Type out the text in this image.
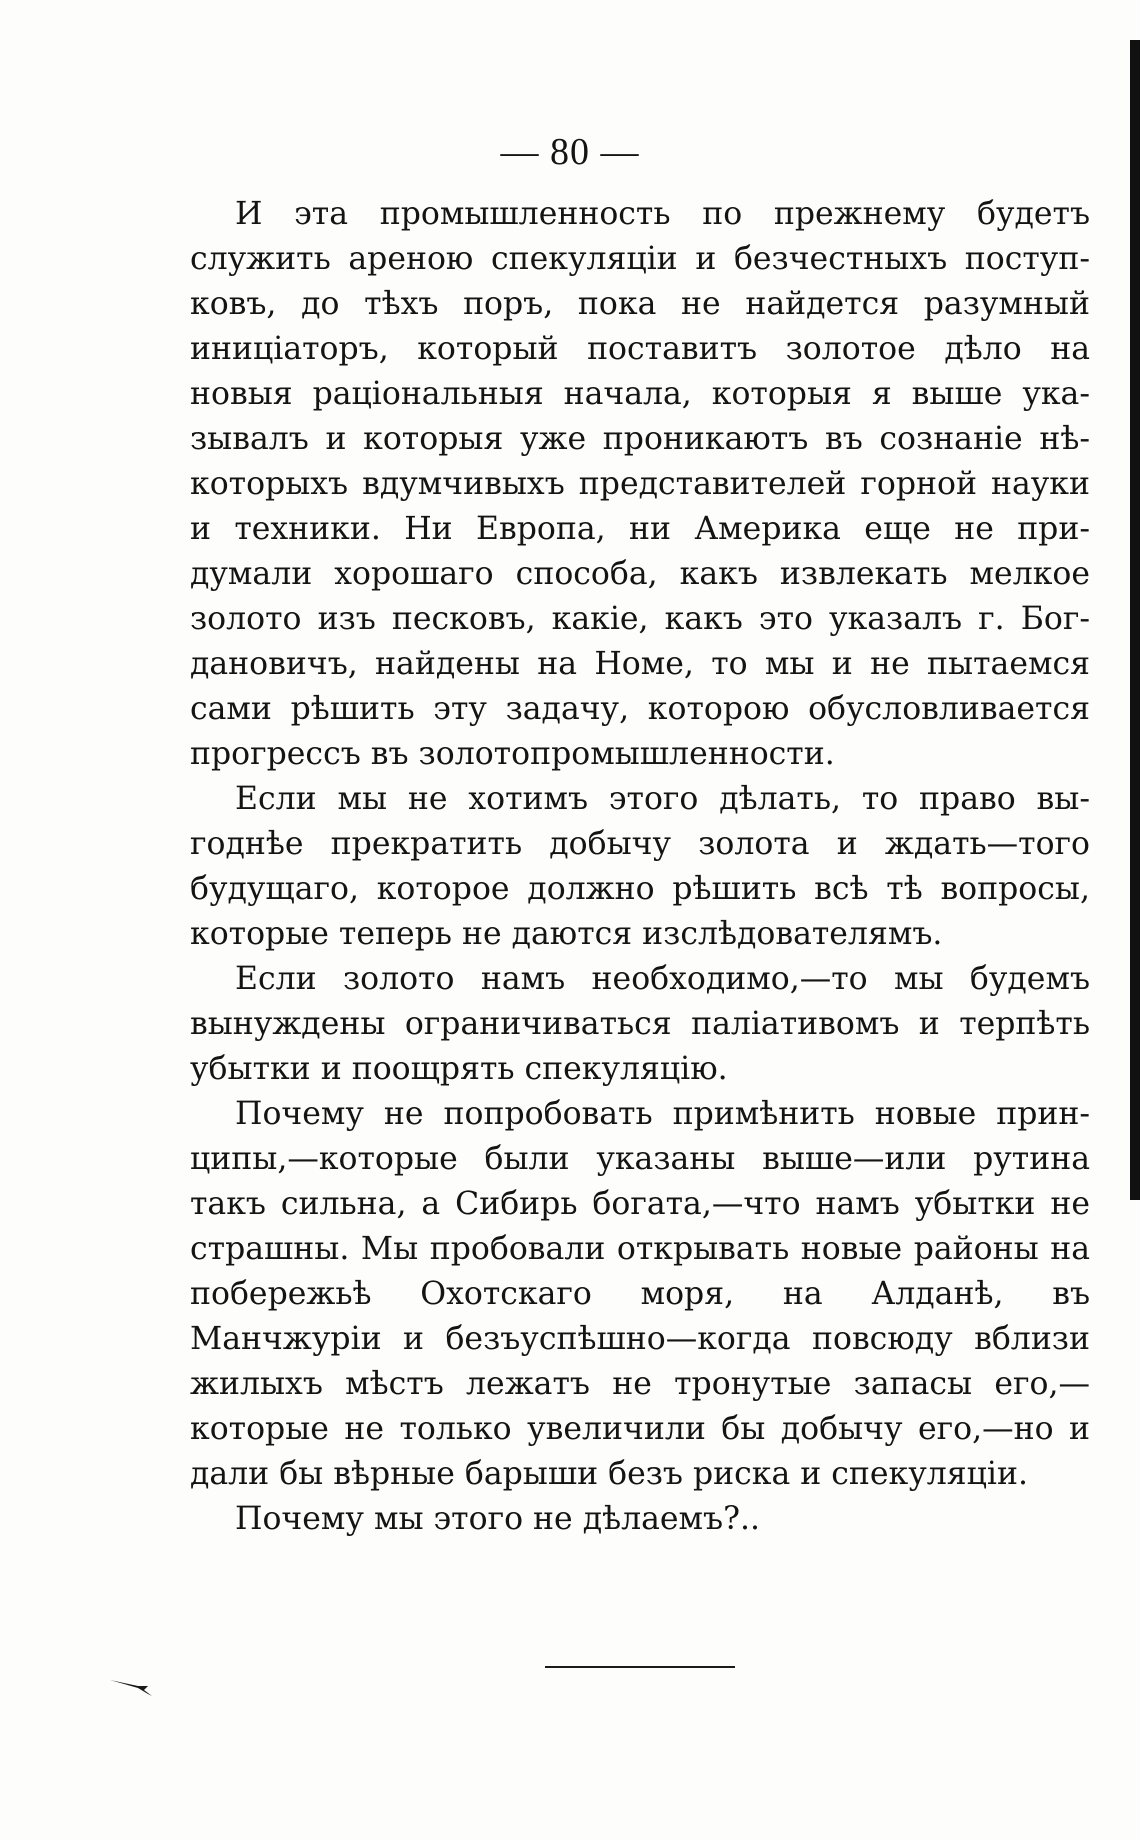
— 80 —

И эта промышленность по прежнему будетъ служить ареною спекуляціи и безчестныхъ поступковъ, до тѣхъ поръ, пока не найдется разумный иниціаторъ, который поставитъ золотое дѣло на новыя раціональныя начала, которыя я выше указывалъ и которыя уже проникаютъ въ сознаніе нѣкоторыхъ вдумчивыхъ представителей горной науки и техники. Ни Европа, ни Америка еще не придумали хорошаго способа, какъ извлекать мелкое золото изъ песковъ, какіе, какъ это указалъ г. Богдановичъ, найдены на Номе, то мы и не пытаемся сами рѣшить эту задачу, которою обусловливается прогрессъ въ золотопромышленности.

Если мы не хотимъ этого дѣлать, то право выгоднѣе прекратить добычу золота и ждать—того будущаго, которое должно рѣшить всѣ тѣ вопросы, которые теперь не даются изслѣдователямъ.

Если золото намъ необходимо,—то мы будемъ вынуждены ограничиваться паліативомъ и терпѣть убытки и поощрять спекуляцію.

Почему не попробовать примѣнить новые принципы,—которые были указаны выше—или рутина такъ сильна, а Сибирь богата,—что намъ убытки не страшны. Мы пробовали открывать новые районы на побережьѣ Охотскаго моря, на Алданѣ, въ Манчжуріи и безъуспѣшно—когда повсюду вблизи жилыхъ мѣстъ лежатъ не тронутые запасы его,— которые не только увеличили бы добычу его,—но и дали бы вѣрные барыши безъ риска и спекуляціи.

Почему мы этого не дѣлаемъ?..
